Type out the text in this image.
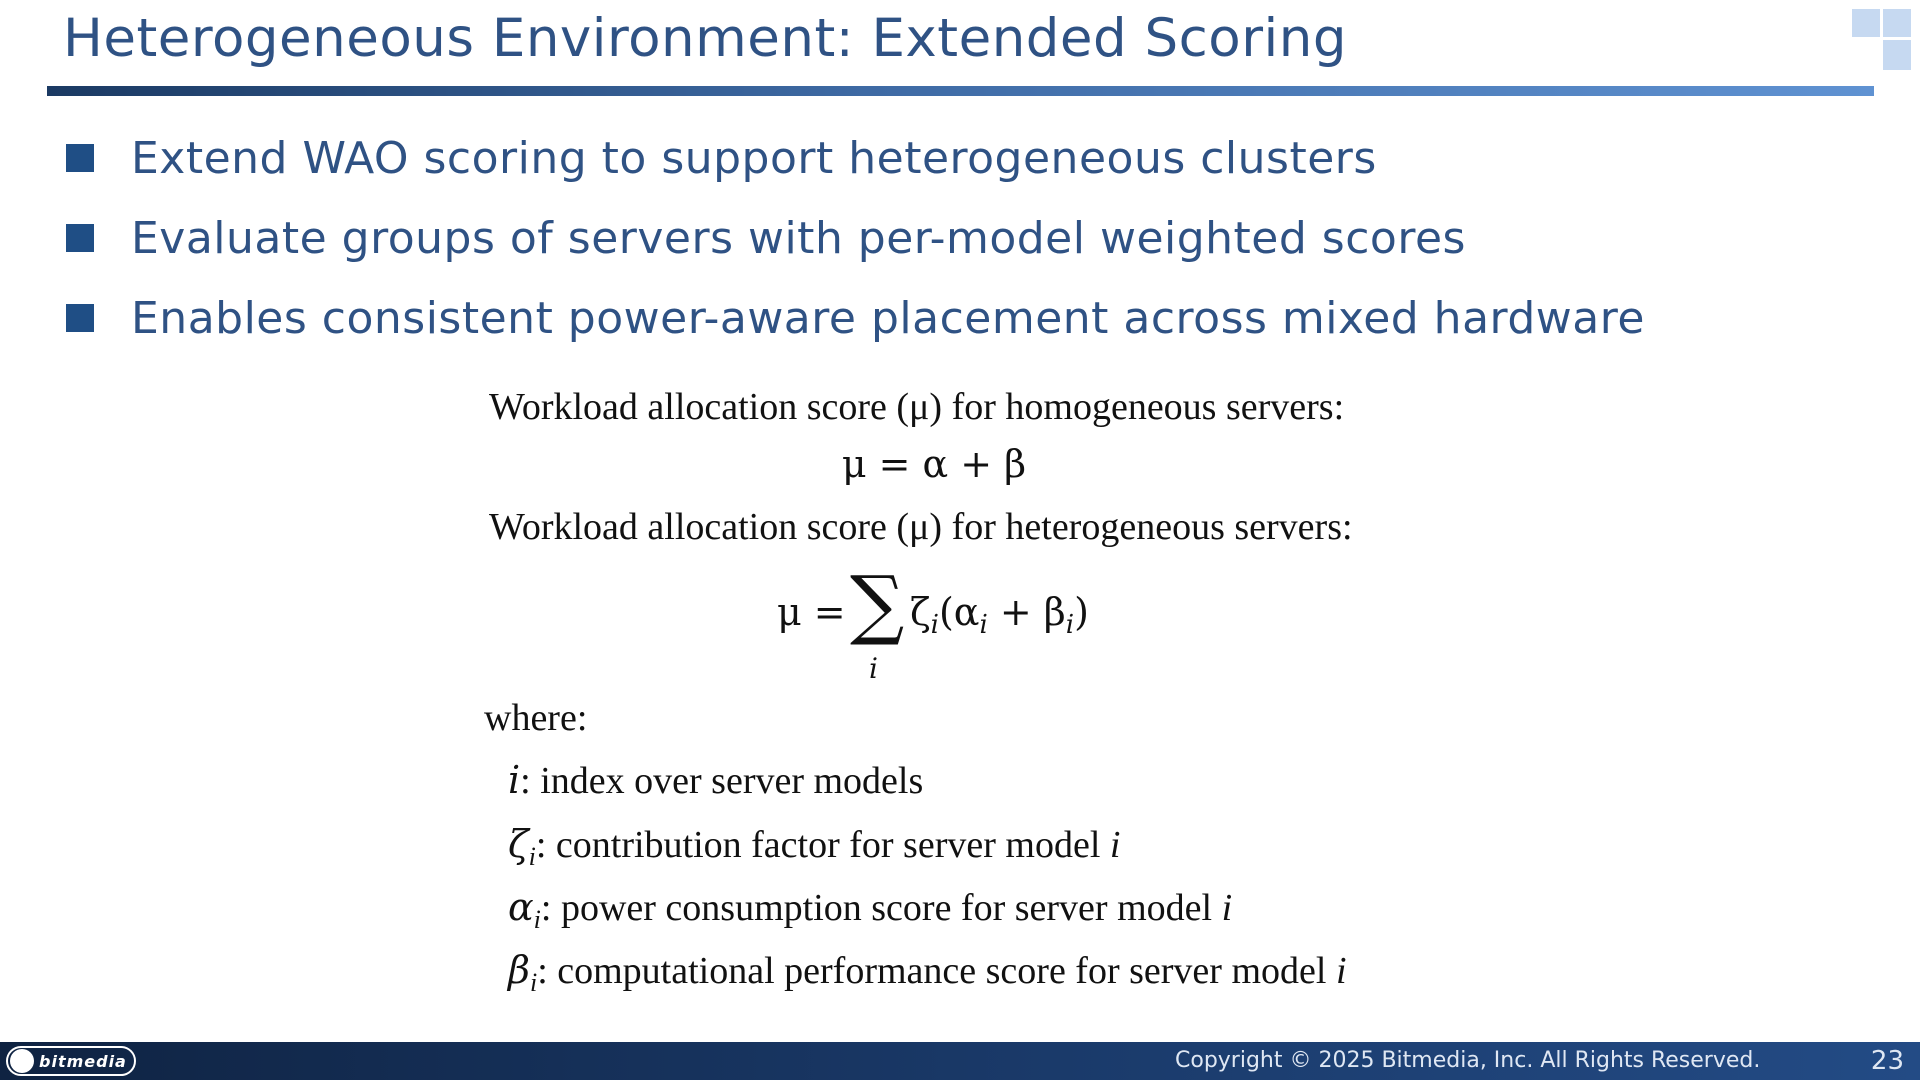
Heterogeneous Environment: Extended Scoring
Extend WAO scoring to support heterogeneous clusters
Evaluate groups of servers with per-model weighted scores
Enables consistent power-aware placement across mixed hardware
Workload allocation score (μ) for homogeneous servers:
μ = α + β
Workload allocation score (μ) for heterogeneous servers:
μ = ∑
i
$\zeta_i(\alpha_i + \beta_i)$
where:
i: index over server models
$\zeta_i$: contribution factor for server model i
$\alpha_i$: power consumption score for server model i
$\beta_i$: computational performance score for server model i
bitmedia	Copyright © 2025 Bitmedia, Inc. All Rights Reserved.	23
